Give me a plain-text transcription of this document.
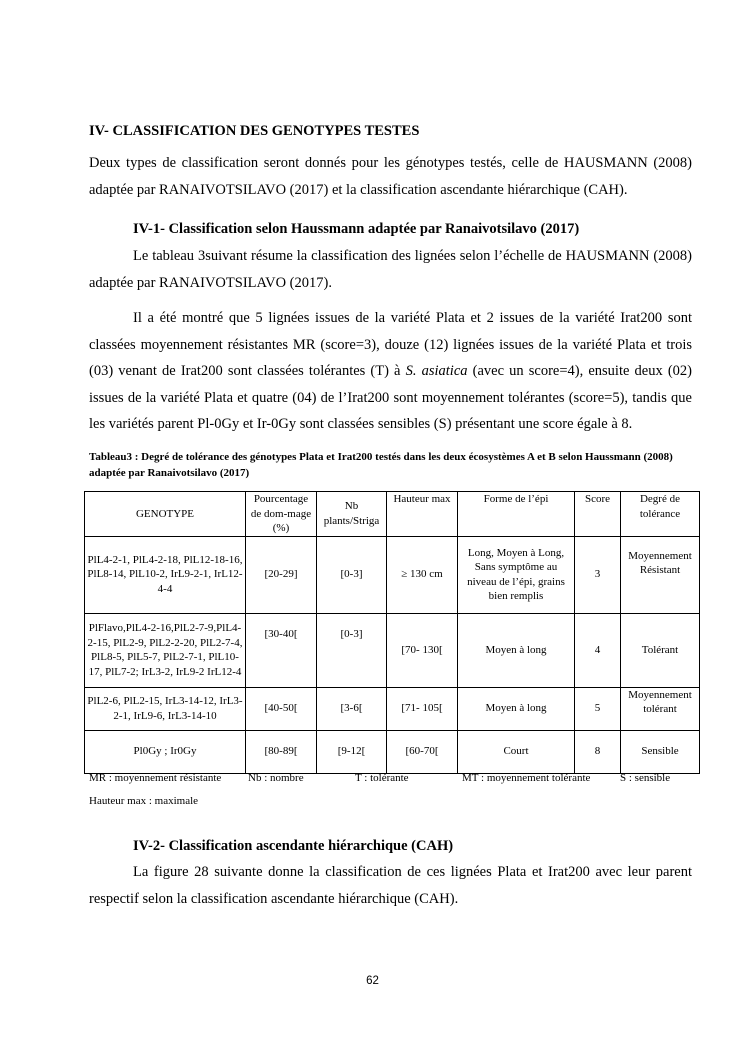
IV- CLASSIFICATION DES GENOTYPES TESTES

Deux types de classification seront donnés pour les génotypes testés, celle de HAUSMANN (2008) adaptée par RANAIVOTSILAVO (2017) et la classification ascendante hiérarchique (CAH).

IV-1- Classification selon Haussmann adaptée par Ranaivotsilavo (2017)

Le tableau 3suivant résume la classification des lignées selon l’échelle de HAUSMANN (2008) adaptée par RANAIVOTSILAVO (2017).

Il a été montré que 5 lignées issues de la variété Plata et 2 issues de la variété Irat200 sont classées moyennement résistantes MR (score=3), douze (12) lignées issues de la variété Plata et trois (03) venant de Irat200 sont classées tolérantes (T) à S. asiatica (avec un score=4), ensuite deux (02) issues de la variété Plata et quatre (04) de l’Irat200 sont moyennement tolérantes (score=5), tandis que les variétés parent Pl-0Gy et Ir-0Gy sont classées sensibles (S) présentant une score égale à 8.

Tableau3 : Degré de tolérance des génotypes Plata et Irat200 testés dans les deux écosystèmes A et B selon Haussmann (2008) adaptée par Ranaivotsilavo (2017)

GENOTYPE	Pourcentage de dom-mage (%)	Nb plants/Striga	Hauteur max	Forme de l’épi	Score	Degré de tolérance
PlL4-2-1, PlL4-2-18, PlL12-18-16, PlL8-14, PlL10-2, IrL9-2-1, IrL12-4-4	[20-29]	[0-3]	≥ 130 cm	Long, Moyen à Long, Sans symptôme au niveau de l’épi, grains bien remplis	3	Moyennement Résistant
PlFlavo,PlL4-2-16,PlL2-7-9,PlL4-2-15, PlL2-9, PlL2-2-20, PlL2-7-4, PlL8-5, PlL5-7, PlL2-7-1, PlL10-17, PlL7-2; IrL3-2, IrL9-2 IrL12-4	[30-40[	[0-3]	[70- 130[	Moyen à long	4	Tolérant
PlL2-6, PlL2-15, IrL3-14-12, IrL3-2-1, IrL9-6, IrL3-14-10	[40-50[	[3-6[	[71- 105[	Moyen à long	5	Moyennement tolérant
Pl0Gy ; Ir0Gy	[80-89[	[9-12[	[60-70[	Court	8	Sensible
MR : moyennement résistante Nb : nombre	T : tolérante	MT : moyennement tolérante	S : sensible
Hauteur max : maximale
IV-2- Classification ascendante hiérarchique (CAH)

La figure 28 suivante donne la classification de ces lignées Plata et Irat200 avec leur parent respectif selon la classification ascendante hiérarchique (CAH).

62
